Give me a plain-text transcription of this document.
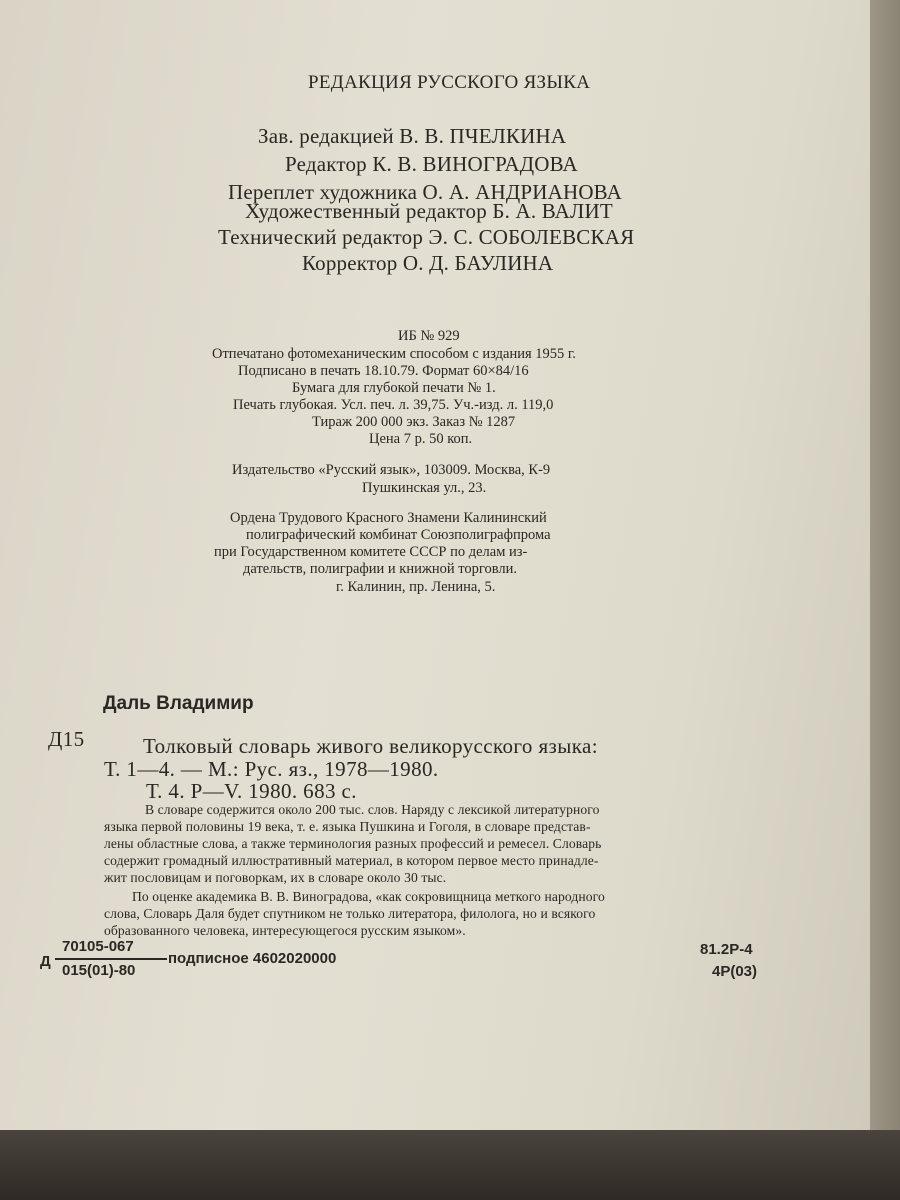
РЕДАКЦИЯ РУССКОГО ЯЗЫКА
Зав. редакцией В. В. ПЧЕЛКИНА
Редактор К. В. ВИНОГРАДОВА
Переплет художника О. А. АНДРИАНОВА
Художественный редактор Б. А. ВАЛИТ
Технический редактор Э. С. СОБОЛЕВСКАЯ
Корректор О. Д. БАУЛИНА
ИБ № 929
Отпечатано фотомеханическим способом с издания 1955 г.
Подписано в печать 18.10.79. Формат 60×84/16
Бумага для глубокой печати № 1.
Печать глубокая. Усл. печ. л. 39,75. Уч.-изд. л. 119,0
Тираж 200 000 экз. Заказ № 1287
Цена 7 р. 50 коп.
Издательство «Русский язык», 103009. Москва, К-9
Пушкинская ул., 23.
Ордена Трудового Красного Знамени Калининский
полиграфический комбинат Союзполиграфпрома
при Государственном комитете СССР по делам из-
дательств, полиграфии и книжной торговли.
г. Калинин, пр. Ленина, 5.
Даль Владимир
Д15	Толковый словарь живого великорусского языка:
Т. 1—4. — М.: Рус. яз., 1978—1980.
Т. 4. Р—V. 1980. 683 с.
В словаре содержится около 200 тыс. слов. Наряду с лексикой литературного
языка первой половины 19 века, т. е. языка Пушкина и Гоголя, в словаре представ-
лены областные слова, а также терминология разных профессий и ремесел. Словарь
содержит громадный иллюстративный материал, в котором первое место принадле-
жит пословицам и поговоркам, их в словаре около 30 тыс.
По оценке академика В. В. Виноградова, «как сокровищница меткого народного
слова, Словарь Даля будет спутником не только литератора, филолога, но и всякого
образованного человека, интересующегося русским языком».
Д
70105-067
015(01)-80
подписное 4602020000
81.2Р-4
4Р(03)
